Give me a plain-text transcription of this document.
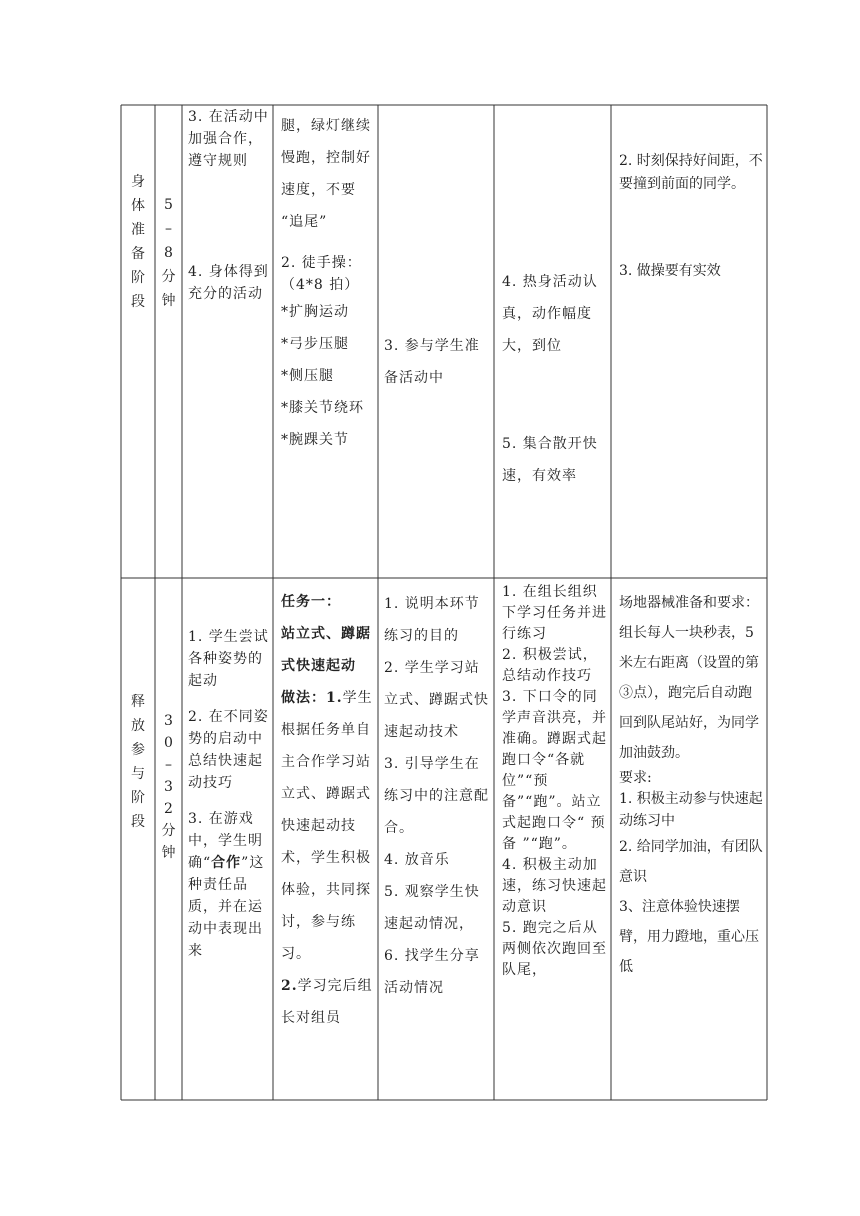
身
体
准
备
阶
段
5
–
8
分
钟

3. 在活动中加强合作，遵守规则

4. 身体得到充分的活动

腿，绿灯继续慢跑，控制好速度，不要 “追尾”

2. 徒手操：（4*8 拍）

*扩胸运动

*弓步压腿

*侧压腿

*膝关节绕环

*腕踝关节

3. 参与学生准备活动中

4. 热身活动认真，动作幅度大，到位

5. 集合散开快速，有效率

2. 时刻保持好间距，不要撞到前面的同学。

3. 做操要有实效

释
放
参
与
阶
段
3
0
–
3
2
分
钟

1. 学生尝试各种姿势的起动

2. 在不同姿势的启动中总结快速起动技巧

3. 在游戏中，学生明确“合作”这种责任品质，并在运动中表现出来

任务一：

站立式、蹲踞式快速起动

做法：1.学生根据任务单自主合作学习站立式、蹲踞式快速起动技术，学生积极体验，共同探讨，参与练习。

2.学习完后组长对组员

1. 说明本环节练习的目的

2. 学生学习站立式、蹲踞式快速起动技术

3. 引导学生在练习中的注意配合。

4. 放音乐

5. 观察学生快速起动情况，

6. 找学生分享活动情况

1. 在组长组织下学习任务并进行练习

2. 积极尝试，总结动作技巧

3. 下口令的同学声音洪亮，并准确。蹲踞式起跑口令“各就位”“预备”“跑”。站立式起跑口令“ 预 备 ”“跑”。

4. 积极主动加速，练习快速起动意识

5. 跑完之后从两侧依次跑回至队尾，

场地器械准备和要求：

组长每人一块秒表，5 米左右距离（设置的第③点），跑完后自动跑回到队尾站好，为同学加油鼓劲。

要求:

1. 积极主动参与快速起动练习中

2. 给同学加油，有团队意识

3、注意体验快速摆臂，用力蹬地，重心压低
